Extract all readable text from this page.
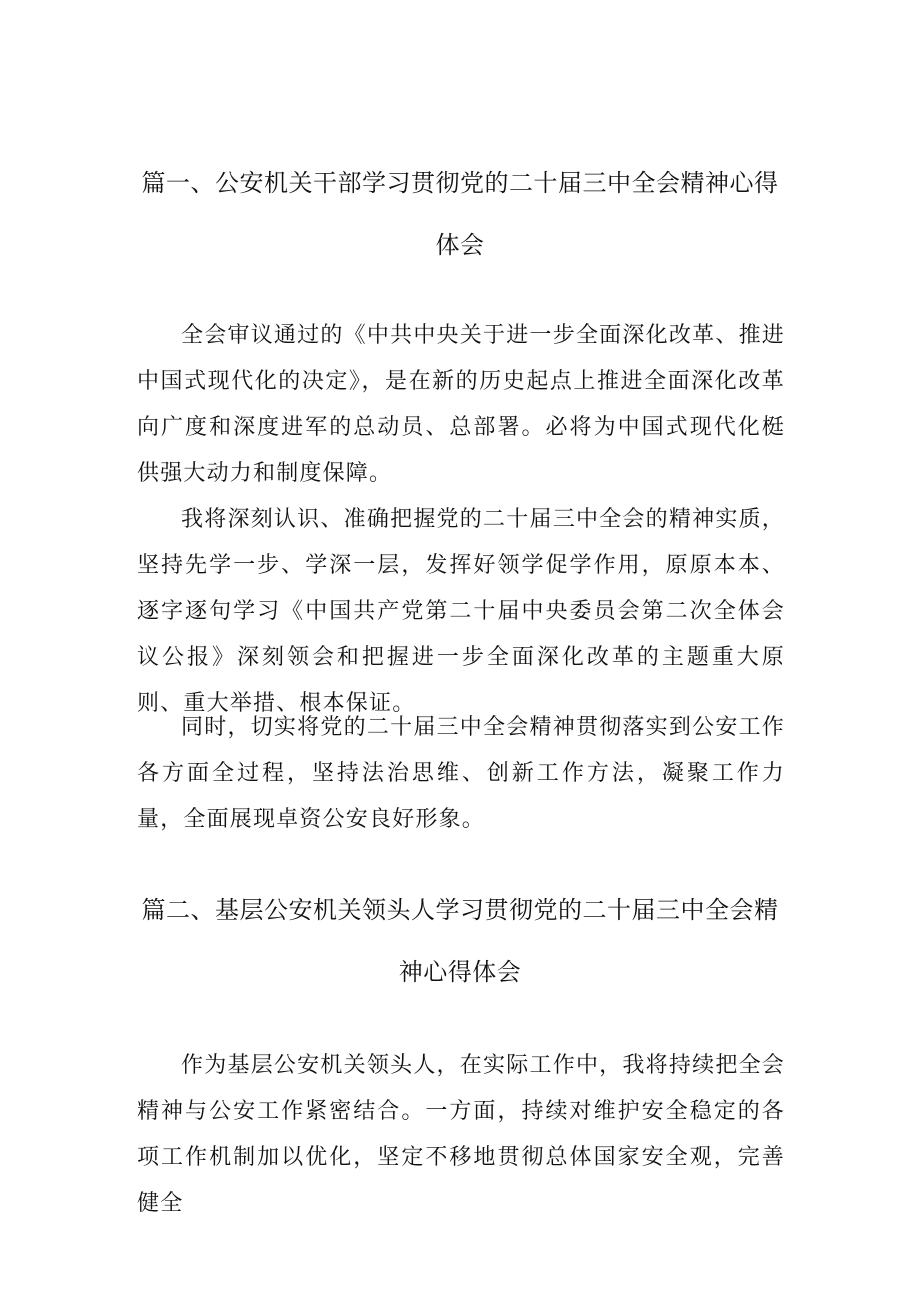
篇一、公安机关干部学习贯彻党的二十届三中全会精神心得体会

全会审议通过的《中共中央关于进一步全面深化改革、推进中国式现代化的决定》，是在新的历史起点上推进全面深化改革向广度和深度进军的总动员、总部署。必将为中国式现代化梃供强大动力和制度保障。

我将深刻认识、准确把握党的二十届三中全会的精神实质，坚持先学一步、学深一层，发挥好领学促学作用，原原本本、逐字逐句学习《中国共产党第二十届中央委员会第二次全体会议公报》深刻领会和把握进一步全面深化改革的主题重大原则、重大举措、根本保证。

同时，切实将党的二十届三中全会精神贯彻落实到公安工作各方面全过程，坚持法治思维、创新工作方法，凝聚工作力量，全面展现卓资公安良好形象。

篇二、基层公安机关领头人学习贯彻党的二十届三中全会精神心得体会

作为基层公安机关领头人，在实际工作中，我将持续把全会精神与公安工作紧密结合。一方面，持续对维护安全稳定的各项工作机制加以优化，坚定不移地贯彻总体国家安全观，完善健全
